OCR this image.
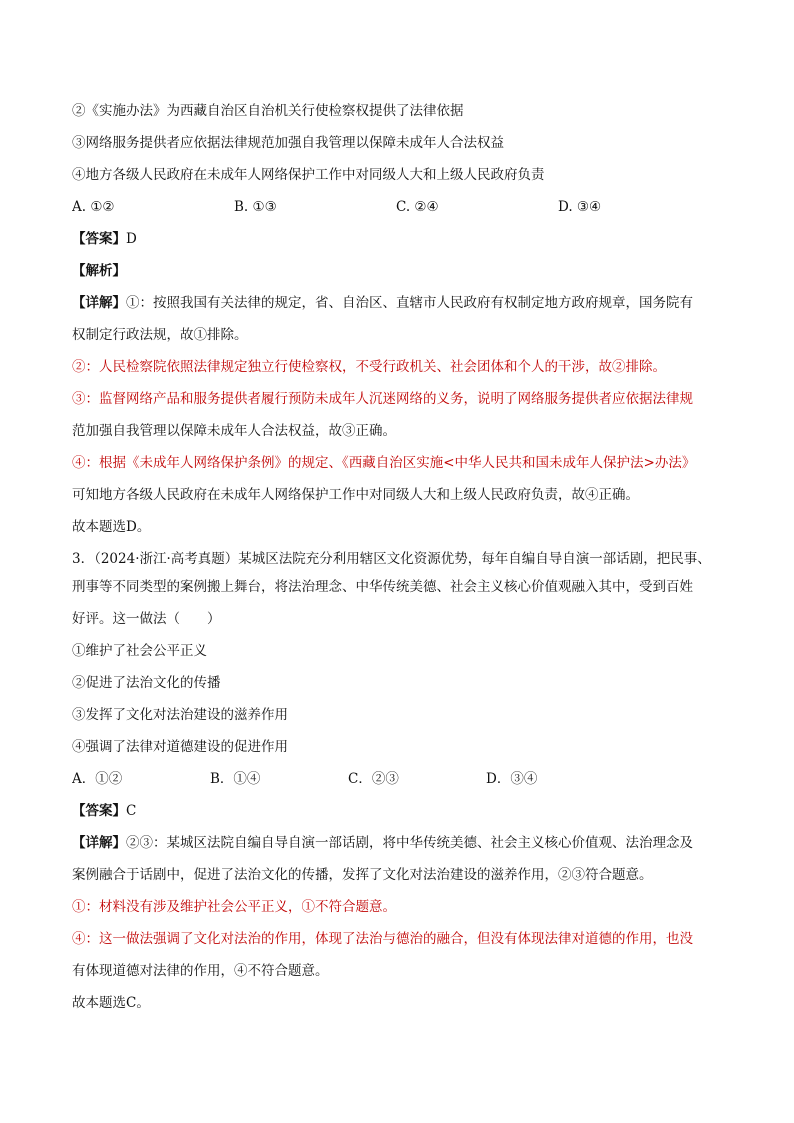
②《实施办法》为西藏自治区自治机关行使检察权提供了法律依据
③网络服务提供者应依据法律规范加强自我管理以保障未成年人合法权益
④地方各级人民政府在未成年人网络保护工作中对同级人大和上级人民政府负责
A. ①②	B. ①③	C. ②④	D. ③④
【答案】D
【解析】
【详解】①：按照我国有关法律的规定，省、自治区、直辖市人民政府有权制定地方政府规章，国务院有
权制定行政法规，故①排除。
②：人民检察院依照法律规定独立行使检察权，不受行政机关、社会团体和个人的干涉，故②排除。
③：监督网络产品和服务提供者履行预防未成年人沉迷网络的义务，说明了网络服务提供者应依据法律规
范加强自我管理以保障未成年人合法权益，故③正确。
④：根据《未成年人网络保护条例》的规定、《西藏自治区实施<中华人民共和国未成年人保护法>办法》
可知地方各级人民政府在未成年人网络保护工作中对同级人大和上级人民政府负责，故④正确。
故本题选D。
3．（2024·浙江·高考真题）某城区法院充分利用辖区文化资源优势，每年自编自导自演一部话剧，把民事、
刑事等不同类型的案例搬上舞台，将法治理念、中华传统美德、社会主义核心价值观融入其中，受到百姓
好评。这一做法（　　）
①维护了社会公平正义
②促进了法治文化的传播
③发挥了文化对法治建设的滋养作用
④强调了法律对道德建设的促进作用
A．①②	B．①④	C．②③	D．③④
【答案】C
【详解】②③：某城区法院自编自导自演一部话剧，将中华传统美德、社会主义核心价值观、法治理念及
案例融合于话剧中，促进了法治文化的传播，发挥了文化对法治建设的滋养作用，②③符合题意。
①：材料没有涉及维护社会公平正义，①不符合题意。
④：这一做法强调了文化对法治的作用，体现了法治与德治的融合，但没有体现法律对道德的作用，也没
有体现道德对法律的作用，④不符合题意。
故本题选C。
